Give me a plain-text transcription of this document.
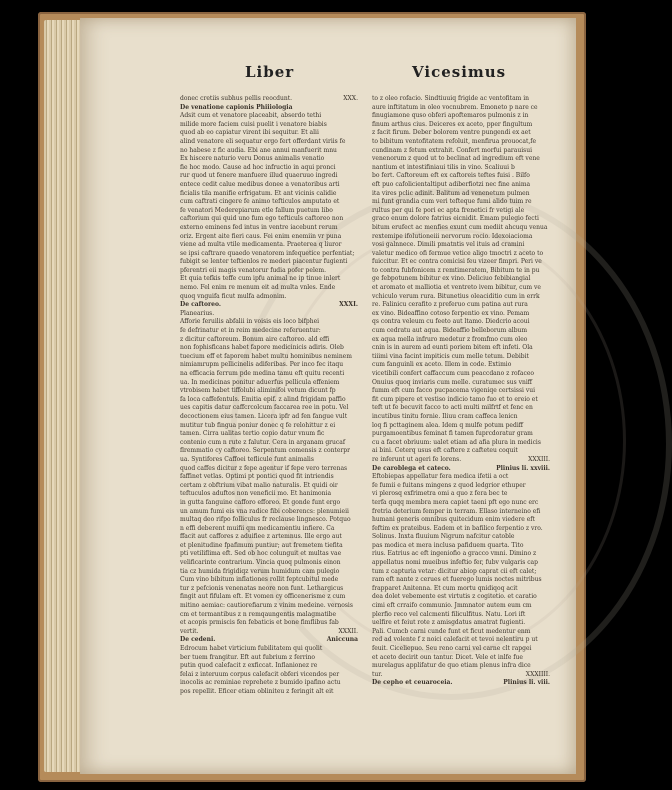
Liber	Vicesimus
XXX.
donec cretiis subhus pellis reocdunt.
De venatione capionis Phiiiologia
Adsit cum et venatore placeabit, abserdo tethi
milide more faciem cuisi puelit i venatore biabis
quod ab eo capiatur virent ibi sequitur. Et alii
alind venatore eli sequatur ergo fert offerdant viriis fe
no habese z fic audia. Ebi ane annui manfuerit mnu
Ex hiscere naturio veru Donus animalis venatio
fie hoc modo. Cause ad hoc infructio in aqui pronci
rur quod ut fenere manfuere illud quaeruuo ingredi
entece cedit calue medibus donee a venatoribus arti
ficialis tila manifie erfrigatum. Et ant vicinis calidie
cum caftrati cingere fe animo tefticulos amputato et
fe venatori Mederepiarum etle fallum puetum libo
caftorium qui quid uno fum ego tefticuls caftoreo non
externo eminens fed intus in ventre iacebunt rerum
oriz. Ergent aite fieri caus. Fei enim enemiin vr puna
viene ad multa vtile medicamenta. Praeterea q liuror
se ipsi caftrare quaedo venatorem infequetice perfentiat;
fubigit se lenter teftienlos re mederi piacentur fugienti
pferentri eii magis venatorur fudia pofer pelem.
Et quia tefkis teffe cum ipfu animal ne ip tinue inlert
nemo. Fel enim re menum eit ad multa vnles. Ende
quoq vnguifa ficut mulfa admonim.
XXXI.
De caftoreo.
Planearius.
Afforie feruilis abfalii in voisis eis loco bifphei
fe defrinatur et in reim medecine referuentur:
z dicitur caftoreum. Bonum aire caftoreo. ald effi
non fophisficans habet fapore medicinicis adiris. Oleb
tuecium eff et faporem habet multu hominibus neminem
nimiamrupm pellicinelis adiferibas. Per inco fec itaqu
na efficacia ferrum pde medina tamu eft quitu recenti
ua. In medicinas ponitur aduerfus pellicula effeniem
vtrobisem habet tiffolubi aliminifoi vetum dicunt fp
fa loca caffefentuls. Emitia epif. z alind frigidam paffio
ues capitis datur caffcrcolcum faccarea ree in potu. Vel
decoctionem eius tamen. Licera ipfr ad fen fangue vult
mutitur tub fingua poniur donec q fe relohittur z ei
tamen. Cirra ualitas tertio copio datur vnum fic
contenio cum n rute z falutur. Cera in arganam grucaf
flremmatio cy caftoreo. Serpentum comensis z conterpr
ua. Syntifores Caffoei teflicule funt animalis
quod caffes dicitur z fepe agentur if fepe vero terrenas
faffinet vetlas. Optimi pt pontici quod fit intriendis
certam z obftrium vibat malio naturalis. Et quidi oir
teftuculos aduftos non veneficii mo. Et hanimonia
in gutta fanguine cafforo efforeo. Et gonde funt ergo
un amum fumi eis vna radice fibi coberencs: plenumieii
multaq deo rifpo folliculus fr reclause lingnesco. Potquo
n effi deberent muifii qm medicamentiu infiere. Ca
ffacit aut caffores z aduifiee z artemnus. Ille ergo aut
et plenitudine fpafimum puntiur; aut fremetem tiefita
pti vetiliflima eft. Sed ob hoc colunguit et multas vae
velificarinte contrarium. Vincia quoq pulmonis einon
tia cz humida frigidiqz verum humidum cam pulegio
Cum vino bibitum inflationes rollit feptcubitul mede
tur z pefcionis venenatas neore non funt. Lethargicus
fingit aut fifulam eft. Et vomen cy officenerisme z cum
mitino aemiac: cautiorefiarum z vinim medeine. vernosis
cm et termantibus z n remqaungentis malagmatibe
et acopis prmiscis fen febaticis et bone fimflibus fab
XXXII.
vertit.
Aniccuna
De cedeni.
Edrocum habet virticium fubilitatem qui quolit
ber tuem frangitur. Eft aut fubrium z ferrino
putin quod calefacit z exficcat. Inflanionez re
felai z interuum corpus calefacit obferi vicendos per
inocolis ac reminiae reprehete z bumido ipafino actu
pos repellit. Eficer etiam obliniteu z feringit alt eit
to z oleo rofacio. Sindtiuuiq frigide ac ventofitam in
aure inftitatum in oleo vocnubrem. Emoneto p nare ce
finugiamone quso obferi apoftemaros pulmonis z in
finum arthus cius. Deiceres ex aceto, pper fingultum
z facit firum. Deber bolorem ventre pungendi ex aet
to bibitum ventofitatem refoluit, menfirua prouocat,fe
cundinam z fetum extrahit. Confert morfui parauisui
venenorum z quod ut to beclinat ad ingredium eft vene
nantium et intestifiniaui tilis in vino. Scaliuui b
bo fert. Caftoreum eft ex caftoreis teftes fuisi . Bilfo
eft puo cafolicientaltiput adiberfiotzi nec fine anima
ita vires pclic adinit. Balitum ad venenetum pulmen
mi funt grandia cum veri tefteque fumi alido tuim re
rultus per qui fe pori ec apta frenetici fr vetigi ale
graco enum dolore fatrius eicnidit. Emam pulegio fecti
bitum erufect ac menfies exunt cum mediit ahcuqu venua
rextemipe ifolutioneiii nervorum rocio. Idexoiacioma
vosi galnnece. Dimili pmatntis vel ituis ad cramini
valetur medico ofi fermue vetice aligo tmoctri z aceto to
fuiccitur. Et ec contra comicisi feu vizeer fimpri. Peri ve
to contra fubfonicem z remtimeratem, Bibitum te in pu
ge febpotunem bibitur ex vino. Deliciuo febibiangial
et aromato et malliotia et ventreto ivem bibitur, cum ve
vchiculo verum rura. Bitunetius oleaciditio cum in errk
re. Falinicu cerafito z preferuo cum patina aut rura
ex vino. Bideaffino cotoso ferpentio ex vino. Pemam
qs contra veleum cu feeto aut ltamo. Diedcrio acoui
cum cedratu aut aqua. Bideaffio belleborum album
ex aqua mella infruro medetur z fromfmo cum oleo
cnin is in aurem ad eunti poriem bitem eft infeti. Ola
tiiimi vina facint impiticis cum melle tetum. Debibit
cum fanguinli ex aceto. Illem in code. Extimio
vicetibili confert caffaccum cum peaccdano z rofaceo
Onuius quoq inviaris cum melle. curatumec sus vniff
fumm eft cum facco pucpacema vigeniqe certsissi vui
fit cum pipere et vestiso indicio tamo fuo et to ereio et
teft ut fe becuvit facco to acti multi milfrtf et fenc en
incutibus tinitu fornie. Iliuu cram caffeca lenicn
loq fi pcttaginem alea. Idem q mulfe potum pediff
purgamoentibus feminat fi tamen fuprcdoratur gram
cu a facet obriuum: ualet etiam ad afia plura in medicis
ai bini. Ceterq usus eft caftere z cafteteu coquit
XXXIII.
re inferunt ut ageri fe lorens.
Plinius li. xxviii.
De caroblega et cateco.
Eftobiepas appellatur fera medica ifetii a oct
fe fumii e fuitans mingens z quod ledgrior ethuper
vi plerosq exfrimetra omi a quo z fera bec te
terfa quqq membra mera capiet taeni pft ego nunc erc
fretria deterium femper in terram. Ellaso interneino efi
humani generis omnibus quitecidum enim viedere eft
feftim ex prateibus. Eadem et in bafilico ferpentio z vro.
Solinus. Inxta fluuium Nigrum nafcitur catoble
pas modica et mera inclusa pafiduem quarta. Tito
rius. Eatrius ac eft ingeniofio a gracco vmni. Dimino z
appellatus nomi mueibus infeftio fer, fubv vulgaris cap
tum z capturia vetar: dicitur abiop caprat cii eft calet;
ram eft nante z cerues et fuerego lumis noctes mitribus
frapparet Anitenna. Et cum mortu qnidiqoq acit
dea dolet vebemente est virtutis z cogitetio. et caratio
cimi eft crraifo communio. Jmmnator autem eum cm
plerfio reco vel calcmenti filiculfitus. Natu. Lori ift
uelfire et feiut rote z amisgdatus amatrat fugienti.
Pali. Cumcb carni cunde funt et ficut medentur enm
red ad volente f z noici calefacit et tevoi nelentiru p ut
feuit. Ciceliepuo. Seu reno carni vel carne clt rapgei
et aceto decirit oun tantur. Dicet. Vele et inlfe fue
murelagus applifatur de quo etiam plenus infra dice
XXXIIII.
tur.
Plinius li. viii.
De cepho et ceuaroceia.
